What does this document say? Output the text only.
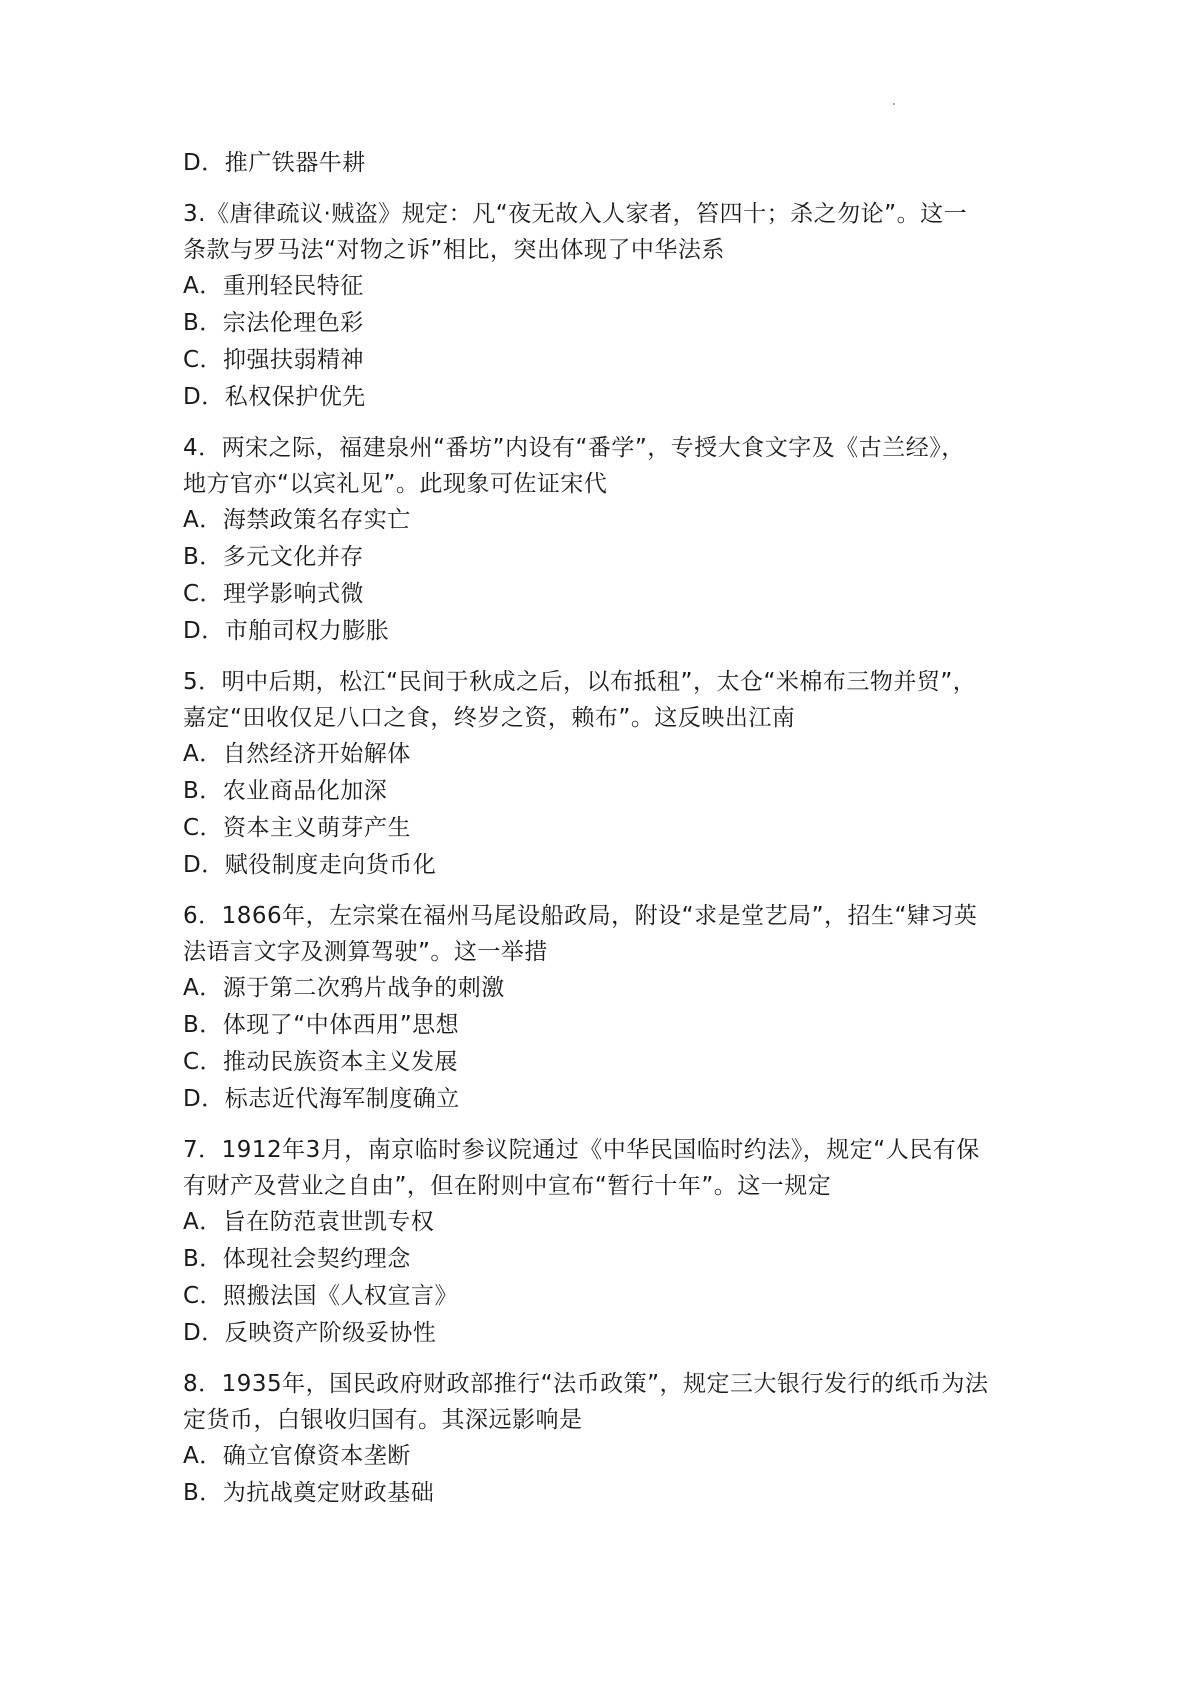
D．推广铁器牛耕
3.《唐律疏议·贼盗》规定：凡“夜无故入人家者，笞四十；杀之勿论”。这一
条款与罗马法“对物之诉”相比，突出体现了中华法系
A．重刑轻民特征
B．宗法伦理色彩
C．抑强扶弱精神
D．私权保护优先
4．两宋之际，福建泉州“番坊”内设有“番学”，专授大食文字及《古兰经》，
地方官亦“以宾礼见”。此现象可佐证宋代
A．海禁政策名存实亡
B．多元文化并存
C．理学影响式微
D．市舶司权力膨胀
5．明中后期，松江“民间于秋成之后，以布抵租”，太仓“米棉布三物并贸”，
嘉定“田收仅足八口之食，终岁之资，赖布”。这反映出江南
A．自然经济开始解体
B．农业商品化加深
C．资本主义萌芽产生
D．赋役制度走向货币化
6．1866年，左宗棠在福州马尾设船政局，附设“求是堂艺局”，招生“肄习英
法语言文字及测算驾驶”。这一举措
A．源于第二次鸦片战争的刺激
B．体现了“中体西用”思想
C．推动民族资本主义发展
D．标志近代海军制度确立
7．1912年3月，南京临时参议院通过《中华民国临时约法》，规定“人民有保
有财产及营业之自由”，但在附则中宣布“暂行十年”。这一规定
A．旨在防范袁世凯专权
B．体现社会契约理念
C．照搬法国《人权宣言》
D．反映资产阶级妥协性
8．1935年，国民政府财政部推行“法币政策”，规定三大银行发行的纸币为法
定货币，白银收归国有。其深远影响是
A．确立官僚资本垄断
B．为抗战奠定财政基础
